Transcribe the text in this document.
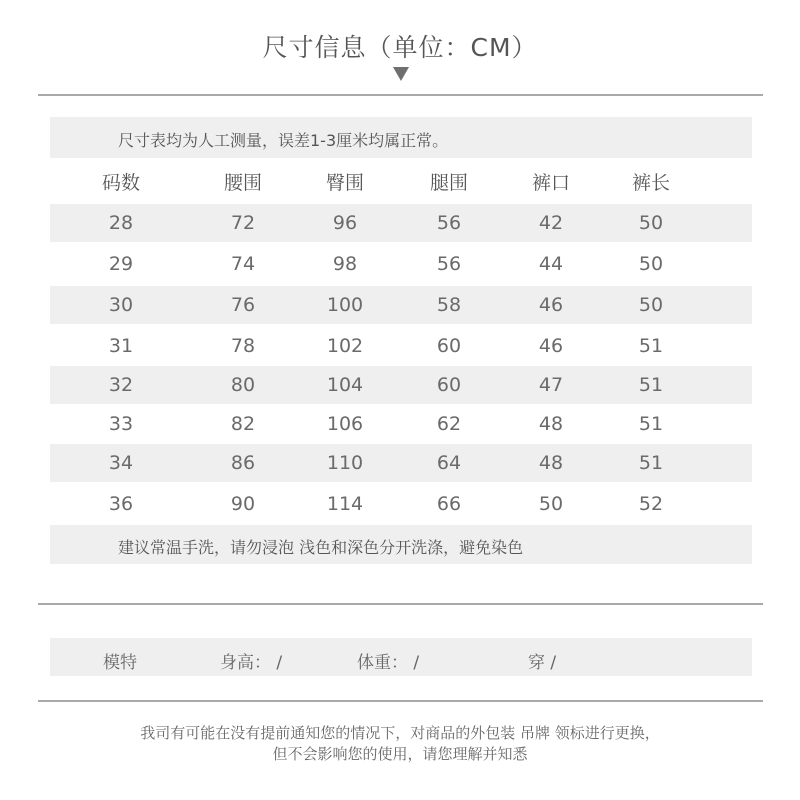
尺寸信息（单位：CM）
尺寸表均为人工测量，误差1-3厘米均属正常。
码数	腰围	臀围	腿围	裤口	裤长
28	72	96	56	42	50
29	74	98	56	44	50
30	76	100	58	46	50
31	78	102	60	46	51
32	80	104	60	47	51
33	82	106	62	48	51
34	86	110	64	48	51
36	90	114	66	50	52
建议常温手洗，请勿浸泡 浅色和深色分开洗涤，避免染色
模特	身高： /	体重： /	穿 /
我司有可能在没有提前通知您的情况下，对商品的外包装 吊牌 领标进行更换，
但不会影响您的使用，请您理解并知悉
